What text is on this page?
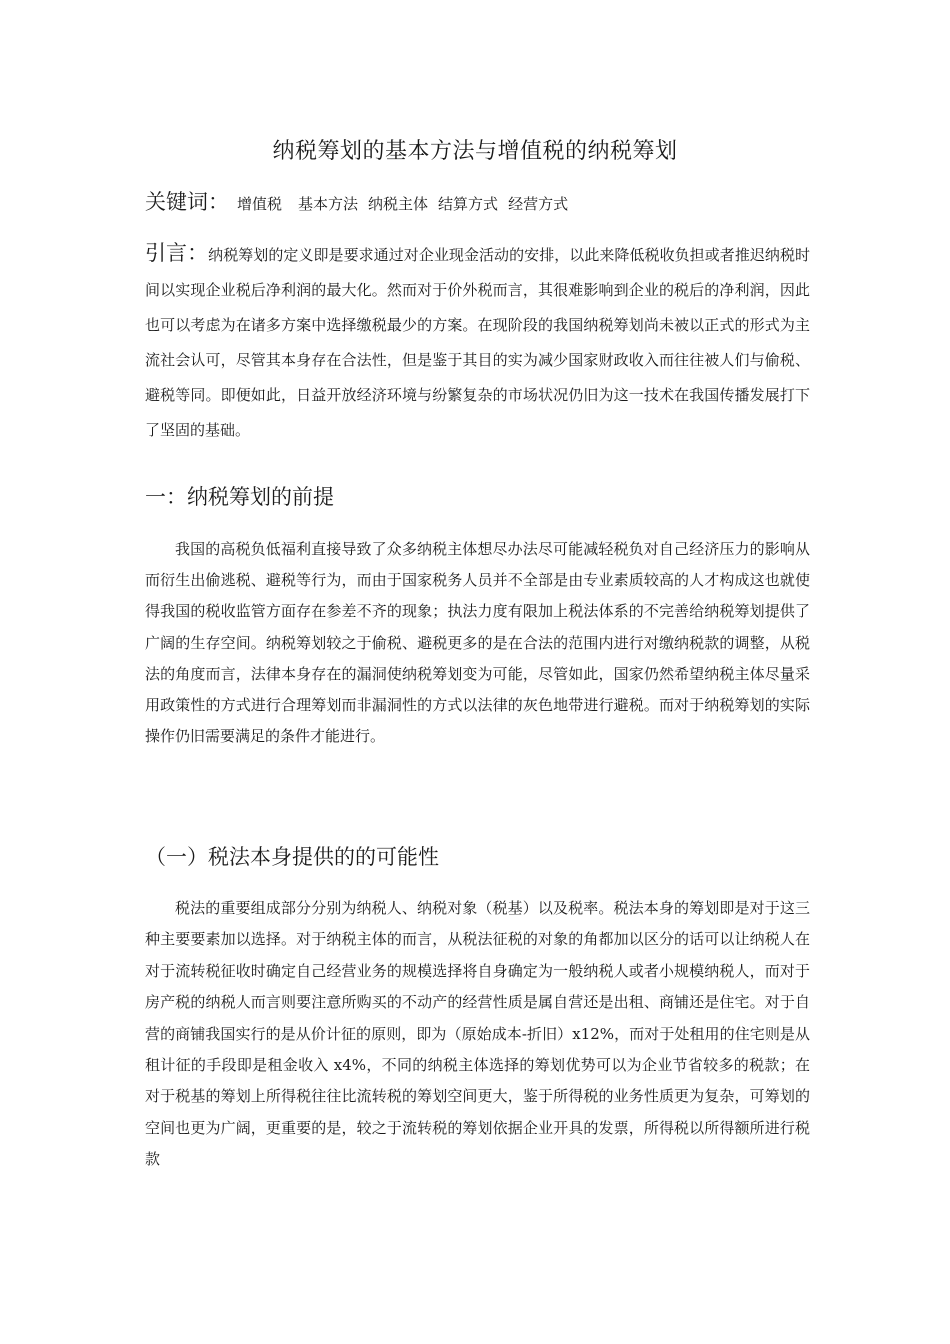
纳税筹划的基本方法与增值税的纳税筹划
关键词： 增值税 基本方法 纳税主体 结算方式 经营方式
引言：纳税筹划的定义即是要求通过对企业现金活动的安排，以此来降低税收负担或者推迟纳税时间以实现企业税后净利润的最大化。然而对于价外税而言，其很难影响到企业的税后的净利润，因此也可以考虑为在诸多方案中选择缴税最少的方案。在现阶段的我国纳税筹划尚未被以正式的形式为主流社会认可，尽管其本身存在合法性，但是鉴于其目的实为减少国家财政收入而往往被人们与偷税、避税等同。即便如此，日益开放经济环境与纷繁复杂的市场状况仍旧为这一技术在我国传播发展打下了坚固的基础。
一：纳税筹划的前提
我国的高税负低福利直接导致了众多纳税主体想尽办法尽可能减轻税负对自己经济压力的影响从而衍生出偷逃税、避税等行为，而由于国家税务人员并不全部是由专业素质较高的人才构成这也就使得我国的税收监管方面存在参差不齐的现象；执法力度有限加上税法体系的不完善给纳税筹划提供了广阔的生存空间。纳税筹划较之于偷税、避税更多的是在合法的范围内进行对缴纳税款的调整，从税法的角度而言，法律本身存在的漏洞使纳税筹划变为可能，尽管如此，国家仍然希望纳税主体尽量采用政策性的方式进行合理筹划而非漏洞性的方式以法律的灰色地带进行避税。而对于纳税筹划的实际操作仍旧需要满足的条件才能进行。
（一）税法本身提供的的可能性
税法的重要组成部分分别为纳税人、纳税对象（税基）以及税率。税法本身的筹划即是对于这三种主要要素加以选择。对于纳税主体的而言，从税法征税的对象的角都加以区分的话可以让纳税人在对于流转税征收时确定自己经营业务的规模选择将自身确定为一般纳税人或者小规模纳税人，而对于房产税的纳税人而言则要注意所购买的不动产的经营性质是属自营还是出租、商铺还是住宅。对于自营的商铺我国实行的是从价计征的原则，即为（原始成本-折旧）x12%，而对于处租用的住宅则是从租计征的手段即是租金收入 x4%，不同的纳税主体选择的筹划优势可以为企业节省较多的税款；在对于税基的筹划上所得税往往比流转税的筹划空间更大，鉴于所得税的业务性质更为复杂，可筹划的空间也更为广阔，更重要的是，较之于流转税的筹划依据企业开具的发票，所得税以所得额所进行税款
